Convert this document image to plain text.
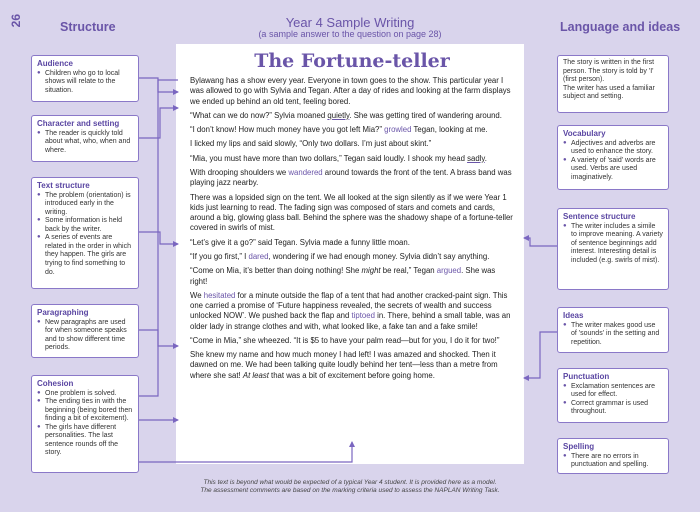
26	Structure	Language and ideas
Year 4 Sample Writing
(a sample answer to the question on page 28)
Audience
● Children who go to local shows will relate to the situation.
Character and setting
● The reader is quickly told about what, who, when and where.
Text structure
● The problem (orientation) is introduced early in the writing.
● Some information is held back by the writer.
● A series of events are related in the order in which they happen. The girls are trying to find something to do.
Paragraphing
● New paragraphs are used for when someone speaks and to show different time periods.
Cohesion
● One problem is solved.
● The ending ties in with the beginning (being bored then finding a bit of excitement).
● The girls have different personalities. The last sentence rounds off the story.

The story is written in the first person. The story is told by 'I' (first person).

The writer has used a familiar subject and setting.

Vocabulary
● Adjectives and adverbs are used to enhance the story.
● A variety of 'said' words are used. Verbs are used imaginatively.
Sentence structure
● The writer includes a simile to improve meaning. A variety of sentence beginnings add interest. Interesting detail is included (e.g. swirls of mist).
Ideas
● The writer makes good use of 'sounds' in the setting and repetition.
Punctuation
● Exclamation sentences are used for effect.
● Correct grammar is used throughout.
Spelling
● There are no errors in punctuation and spelling.
The Fortune-teller

Bylawang has a show every year. Everyone in town goes to the show. This particular year I was allowed to go with Sylvia and Tegan. After a day of rides and looking at the farm displays we ended up behind an old tent, feeling bored.

“What can we do now?” Sylvia moaned quietly. She was getting tired of wandering around.

“I don’t know! How much money have you got left Mia?” growled Tegan, looking at me.

I licked my lips and said slowly, “Only two dollars. I’m just about skint.”

“Mia, you must have more than two dollars,” Tegan said loudly. I shook my head sadly.

With drooping shoulders we wandered around towards the front of the tent. A brass band was playing jazz nearby.

There was a lopsided sign on the tent. We all looked at the sign silently as if we were Year 1 kids just learning to read. The fading sign was composed of stars and comets and cards, around a big, glowing glass ball. Behind the sphere was the shadowy shape of a fortune-teller covered in swirls of mist.

“Let’s give it a go?” said Tegan. Sylvia made a funny little moan.

“If you go first,” I dared, wondering if we had enough money. Sylvia didn’t say anything.

“Come on Mia, it’s better than doing nothing! She might be real,” Tegan argued. She was right!

We hesitated for a minute outside the flap of a tent that had another cracked-paint sign. This one carried a promise of ‘Future happiness revealed, the secrets of wealth and success unlocked NOW’. We pushed back the flap and tiptoed in. There, behind a small table, was an older lady in strange clothes and with, what looked like, a fake tan and a fake smile!

“Come in Mia,” she wheezed. “It is $5 to have your palm read—but for you, I do it for two!”

She knew my name and how much money I had left! I was amazed and shocked. Then it dawned on me. We had been talking quite loudly behind her tent—less than a metre from where she sat! At least that was a bit of excitement before going home.

This text is beyond what would be expected of a typical Year 4 student. It is provided here as a model.
The assessment comments are based on the marking criteria used to assess the NAPLAN Writing Task.
